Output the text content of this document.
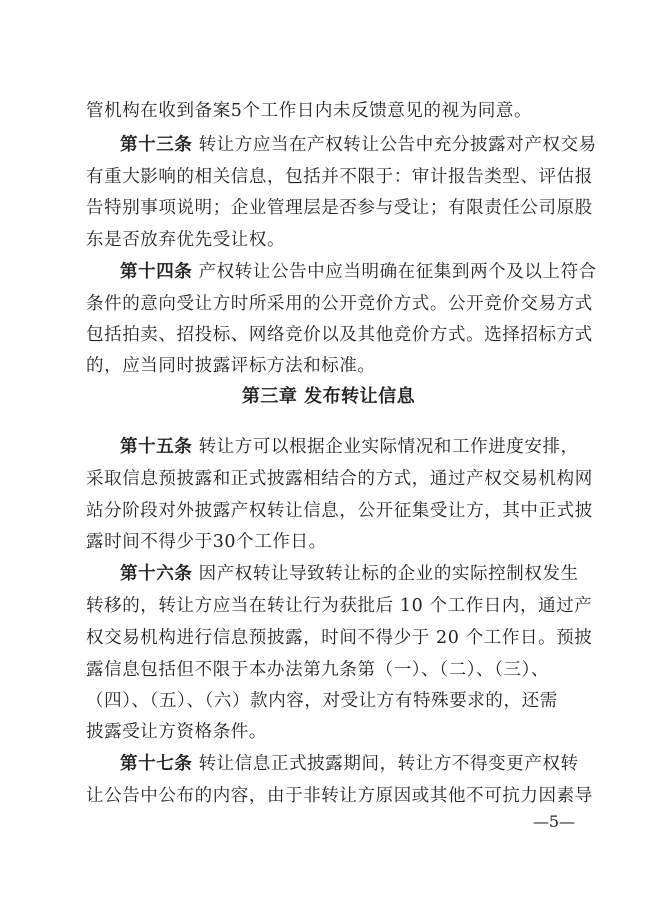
管机构在收到备案5个工作日内未反馈意见的视为同意。
第十三条 转让方应当在产权转让公告中充分披露对产权交易
有重大影响的相关信息，包括并不限于：审计报告类型、评估报
告特别事项说明；企业管理层是否参与受让；有限责任公司原股
东是否放弃优先受让权。
第十四条 产权转让公告中应当明确在征集到两个及以上符合
条件的意向受让方时所采用的公开竞价方式。公开竞价交易方式
包括拍卖、招投标、网络竞价以及其他竞价方式。选择招标方式
的，应当同时披露评标方法和标准。
第三章 发布转让信息
第十五条 转让方可以根据企业实际情况和工作进度安排，
采取信息预披露和正式披露相结合的方式，通过产权交易机构网
站分阶段对外披露产权转让信息，公开征集受让方，其中正式披
露时间不得少于30个工作日。
第十六条 因产权转让导致转让标的企业的实际控制权发生
转移的，转让方应当在转让行为获批后 10 个工作日内，通过产
权交易机构进行信息预披露，时间不得少于 20 个工作日。预披
露信息包括但不限于本办法第九条第（一）、（二）、（三）、
（四）、（五）、（六）款内容，对受让方有特殊要求的，还需
披露受让方资格条件。
第十七条 转让信息正式披露期间，转让方不得变更产权转
让公告中公布的内容，由于非转让方原因或其他不可抗力因素导
—5—
